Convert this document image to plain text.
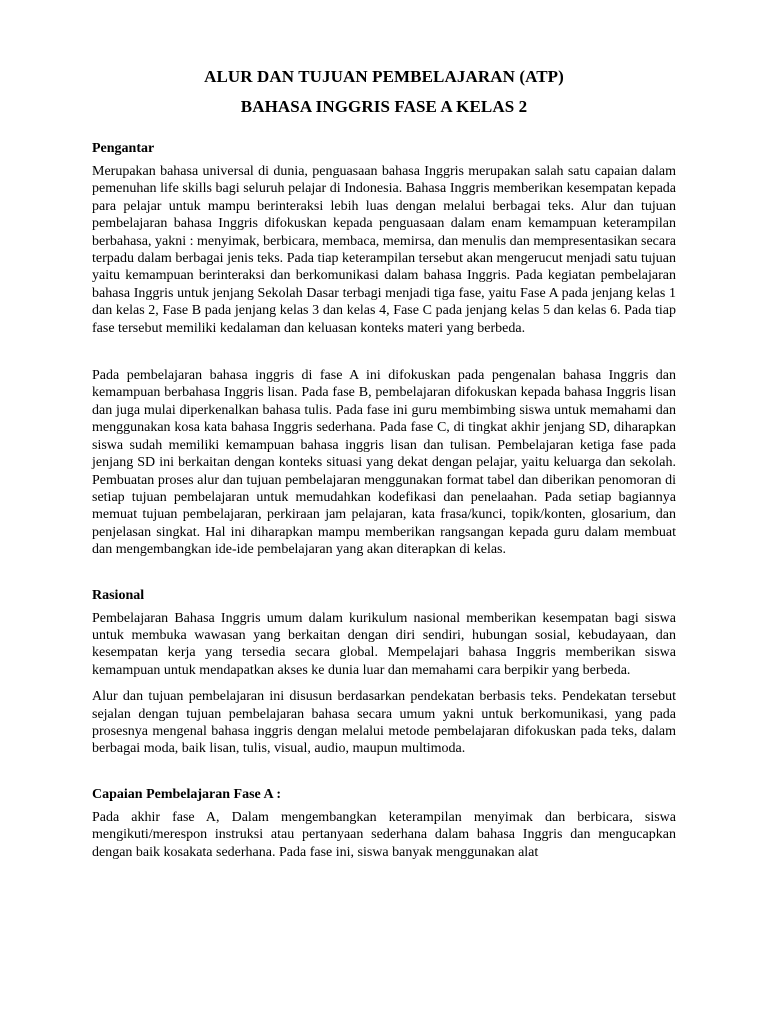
ALUR DAN TUJUAN PEMBELAJARAN (ATP)

BAHASA INGGRIS FASE A KELAS 2

Pengantar

Merupakan bahasa universal di dunia, penguasaan bahasa Inggris merupakan salah satu capaian dalam pemenuhan life skills bagi seluruh pelajar di Indonesia. Bahasa Inggris memberikan kesempatan kepada para pelajar untuk mampu berinteraksi lebih luas dengan melalui berbagai teks. Alur dan tujuan pembelajaran bahasa Inggris difokuskan kepada penguasaan dalam enam kemampuan keterampilan berbahasa, yakni : menyimak, berbicara, membaca, memirsa, dan menulis dan mempresentasikan secara terpadu dalam berbagai jenis teks. Pada tiap keterampilan tersebut akan mengerucut menjadi satu tujuan yaitu kemampuan berinteraksi dan berkomunikasi dalam bahasa Inggris. Pada kegiatan pembelajaran bahasa Inggris untuk jenjang Sekolah Dasar terbagi menjadi tiga fase, yaitu Fase A pada jenjang kelas 1 dan kelas 2, Fase B pada jenjang kelas 3 dan kelas 4, Fase C pada jenjang kelas 5 dan kelas 6. Pada tiap fase tersebut memiliki kedalaman dan keluasan konteks materi yang berbeda.

Pada pembelajaran bahasa inggris di fase A ini difokuskan pada pengenalan bahasa Inggris dan kemampuan berbahasa Inggris lisan. Pada fase B, pembelajaran difokuskan kepada bahasa Inggris lisan dan juga mulai diperkenalkan bahasa tulis. Pada fase ini guru membimbing siswa untuk memahami dan menggunakan kosa kata bahasa Inggris sederhana. Pada fase C, di tingkat akhir jenjang SD, diharapkan siswa sudah memiliki kemampuan bahasa inggris lisan dan tulisan. Pembelajaran ketiga fase pada jenjang SD ini berkaitan dengan konteks situasi yang dekat dengan pelajar, yaitu keluarga dan sekolah. Pembuatan proses alur dan tujuan pembelajaran menggunakan format tabel dan diberikan penomoran di setiap tujuan pembelajaran untuk memudahkan kodefikasi dan penelaahan. Pada setiap bagiannya memuat tujuan pembelajaran, perkiraan jam pelajaran, kata frasa/kunci, topik/konten, glosarium, dan penjelasan singkat. Hal ini diharapkan mampu memberikan rangsangan kepada guru dalam membuat dan mengembangkan ide-ide pembelajaran yang akan diterapkan di kelas.

Rasional

Pembelajaran Bahasa Inggris umum dalam kurikulum nasional memberikan kesempatan bagi siswa untuk membuka wawasan yang berkaitan dengan diri sendiri, hubungan sosial, kebudayaan, dan kesempatan kerja yang tersedia secara global. Mempelajari bahasa Inggris memberikan siswa kemampuan untuk mendapatkan akses ke dunia luar dan memahami cara berpikir yang berbeda.

Alur dan tujuan pembelajaran ini disusun berdasarkan pendekatan berbasis teks. Pendekatan tersebut sejalan dengan tujuan pembelajaran bahasa secara umum yakni untuk berkomunikasi, yang pada prosesnya mengenal bahasa inggris dengan melalui metode pembelajaran difokuskan pada teks, dalam berbagai moda, baik lisan, tulis, visual, audio, maupun multimoda.

Capaian Pembelajaran Fase A :

Pada akhir fase A, Dalam mengembangkan keterampilan menyimak dan berbicara, siswa mengikuti/merespon instruksi atau pertanyaan sederhana dalam bahasa Inggris dan mengucapkan dengan baik kosakata sederhana. Pada fase ini, siswa banyak menggunakan alat
